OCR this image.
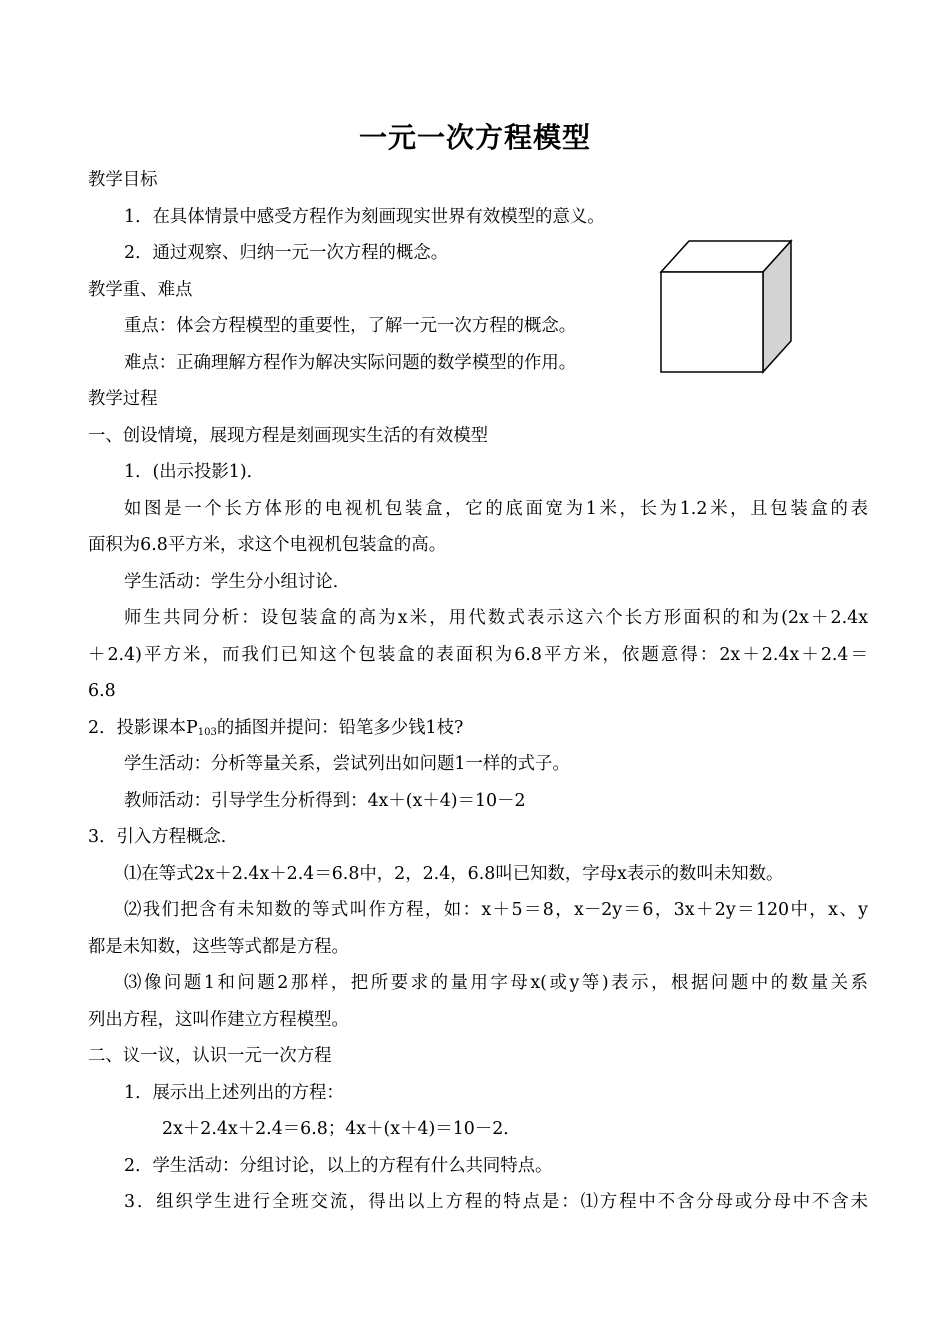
一元一次方程模型
教学目标
1．在具体情景中感受方程作为刻画现实世界有效模型的意义。
2．通过观察、归纳一元一次方程的概念。
教学重、难点
重点：体会方程模型的重要性，了解一元一次方程的概念。
难点：正确理解方程作为解决实际问题的数学模型的作用。
教学过程
一、创设情境，展现方程是刻画现实生活的有效模型
1．(出示投影1)．
如图是一个长方体形的电视机包装盒，它的底面宽为1米，长为1.2米，且包装盒的表
面积为6.8平方米，求这个电视机包装盒的高。
学生活动：学生分小组讨论．
师生共同分析：设包装盒的高为x米，用代数式表示这六个长方形面积的和为(2x＋2.4x
＋2.4)平方米，而我们已知这个包装盒的表面积为6.8平方米，依题意得：2x＋2.4x＋2.4＝
6.8
2．投影课本$P_{103}$的插图并提问：铅笔多少钱1枝?
学生活动：分析等量关系，尝试列出如问题1一样的式子。
教师活动：引导学生分析得到：4x＋(x＋4)＝10－2
3．引入方程概念．
⑴在等式2x＋2.4x＋2.4＝6.8中，2，2.4，6.8叫已知数，字母x表示的数叫未知数。
⑵我们把含有未知数的等式叫作方程，如：x＋5＝8，x－2y＝6，3x＋2y＝120中，x、y
都是未知数，这些等式都是方程。
⑶像问题1和问题2那样，把所要求的量用字母x(或y等)表示，根据问题中的数量关系
列出方程，这叫作建立方程模型。
二、议一议，认识一元一次方程
1．展示出上述列出的方程：
2x＋2.4x＋2.4＝6.8；4x＋(x＋4)＝10－2．
2．学生活动：分组讨论，以上的方程有什么共同特点。
3．组织学生进行全班交流，得出以上方程的特点是：⑴方程中不含分母或分母中不含未
